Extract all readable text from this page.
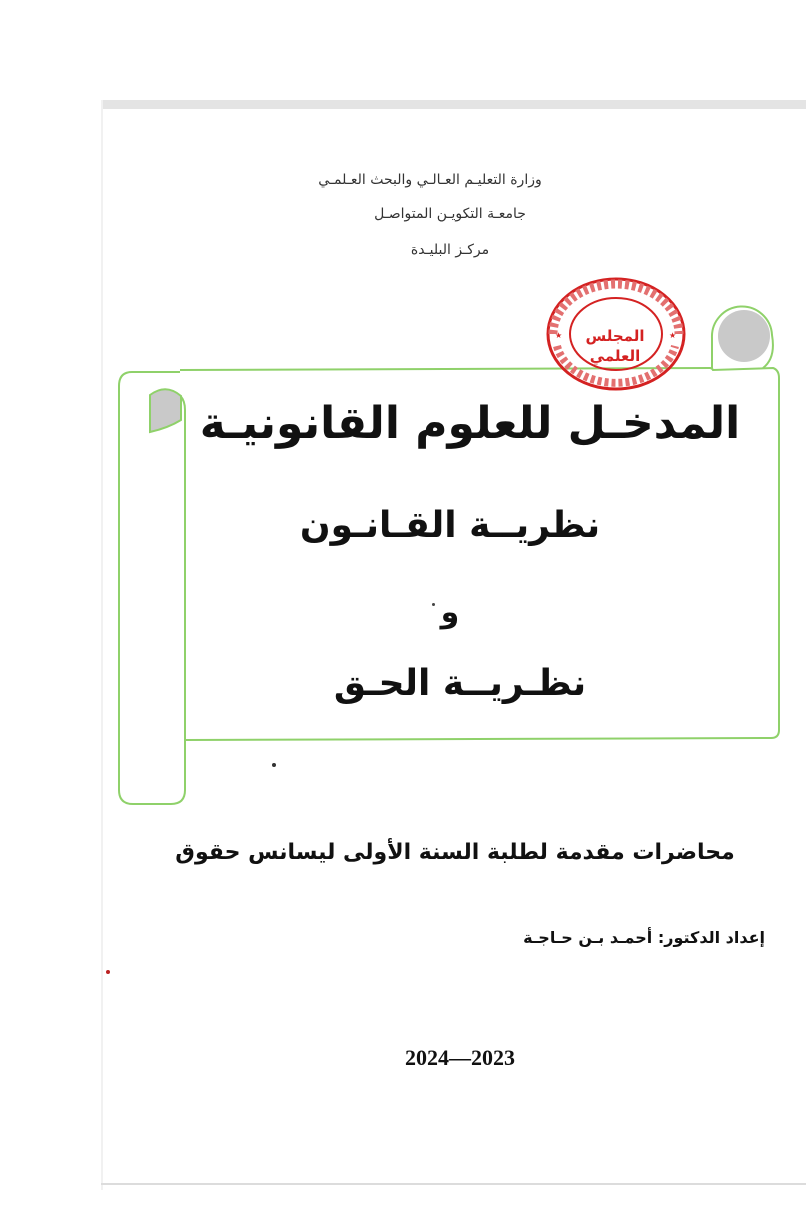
وزارة التعليـم العـالـي والبحث العـلمـي
جامعـة التكويـن المتواصـل
مركـز البليـدة
★	★
المجلس
العلمي
المدخـل للعلوم القانونيـة
نظريــة القـانـون
و
نظـريــة الحـق
محاضرات مقدمة لطلبة السنة الأولى ليسانس حقوق
إعداد الدكتور: أحمـد بـن حـاجـة
2024—2023
